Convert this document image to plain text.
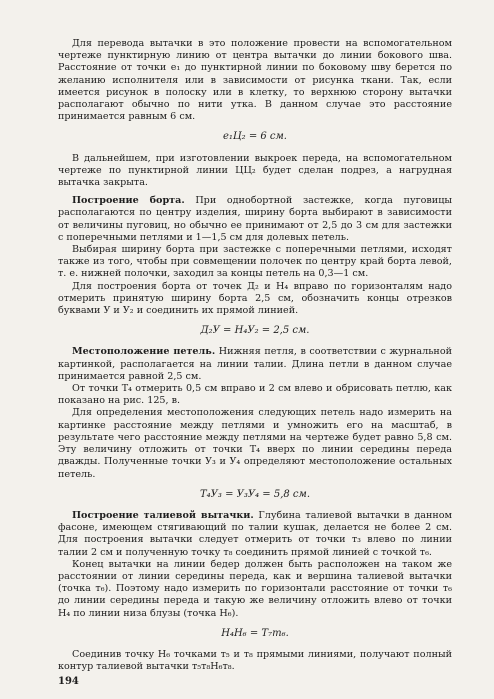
Для перевода вытачки в это положение провести на вспомогательном чертеже пунктирную линию от центра вытачки до линии бокового шва. Расстояние от точки e₁ до пунктирной линии по боковому шву берется по желанию исполнителя или в зависимости от рисунка ткани. Так, если имеется рисунок в полоску или в клетку, то верхнюю сторону вытачки располагают обычно по нити утка. В данном случае это расстояние принимается равным 6 см.

e₁Ц₂ = 6 см.

В дальнейшем, при изготовлении выкроек переда, на вспомогательном чертеже по пунктирной линии ЦЦ₂ будет сделан подрез, а нагрудная вытачка закрыта.

Построение борта. При однобортной застежке, когда пуговицы располагаются по центру изделия, ширину борта выбирают в зависимости от величины пуговиц, но обычно ее принимают от 2,5 до 3 см для застежки с поперечными петлями и 1—1,5 см для долевых петель.

Выбирая ширину борта при застежке с поперечными петлями, исходят также из того, чтобы при совмещении полочек по центру край борта левой, т. е. нижней полочки, заходил за концы петель на 0,3—1 см.

Для построения борта от точек Д₂ и Н₄ вправо по горизонталям надо отмерить принятую ширину борта 2,5 см, обозначить концы отрезков буквами У и У₂ и соединить их прямой линией.

Д₂У = Н₄У₂ = 2,5 см.

Местоположение петель. Нижняя петля, в соответствии с журнальной картинкой, располагается на линии талии. Длина петли в данном случае принимается равной 2,5 см.

От точки Т₄ отмерить 0,5 см вправо и 2 см влево и обрисовать петлю, как показано на рис. 125, в.

Для определения местоположения следующих петель надо измерить на картинке расстояние между петлями и умножить его на масштаб, в результате чего расстояние между петлями на чертеже будет равно 5,8 см. Эту величину отложить от точки Т₄ вверх по линии середины переда дважды. Полученные точки У₃ и У₄ определяют местоположение остальных петель.

Т₄У₃ = У₃У₄ = 5,8 см.

Построение талиевой вытачки. Глубина талиевой вытачки в данном фасоне, имеющем стягивающий по талии кушак, делается не более 2 см. Для построения вытачки следует отмерить от точки т₃ влево по линии талии 2 см и полученную точку т₈ соединить прямой линией с точкой т₆.

Конец вытачки на линии бедер должен быть расположен на таком же расстоянии от линии середины переда, как и вершина талиевой вытачки (точка т₆). Поэтому надо измерить по горизонтали расстояние от точки т₆ до линии середины переда и такую же величину отложить влево от точки Н₄ по линии низа блузы (точка Н₆).

Н₄Н₆ = Т₇т₆.

Соединив точку Н₆ точками т₅ и т₈ прямыми линиями, получают полный контур талиевой вытачки т₅т₈Н₆т₈.

194
